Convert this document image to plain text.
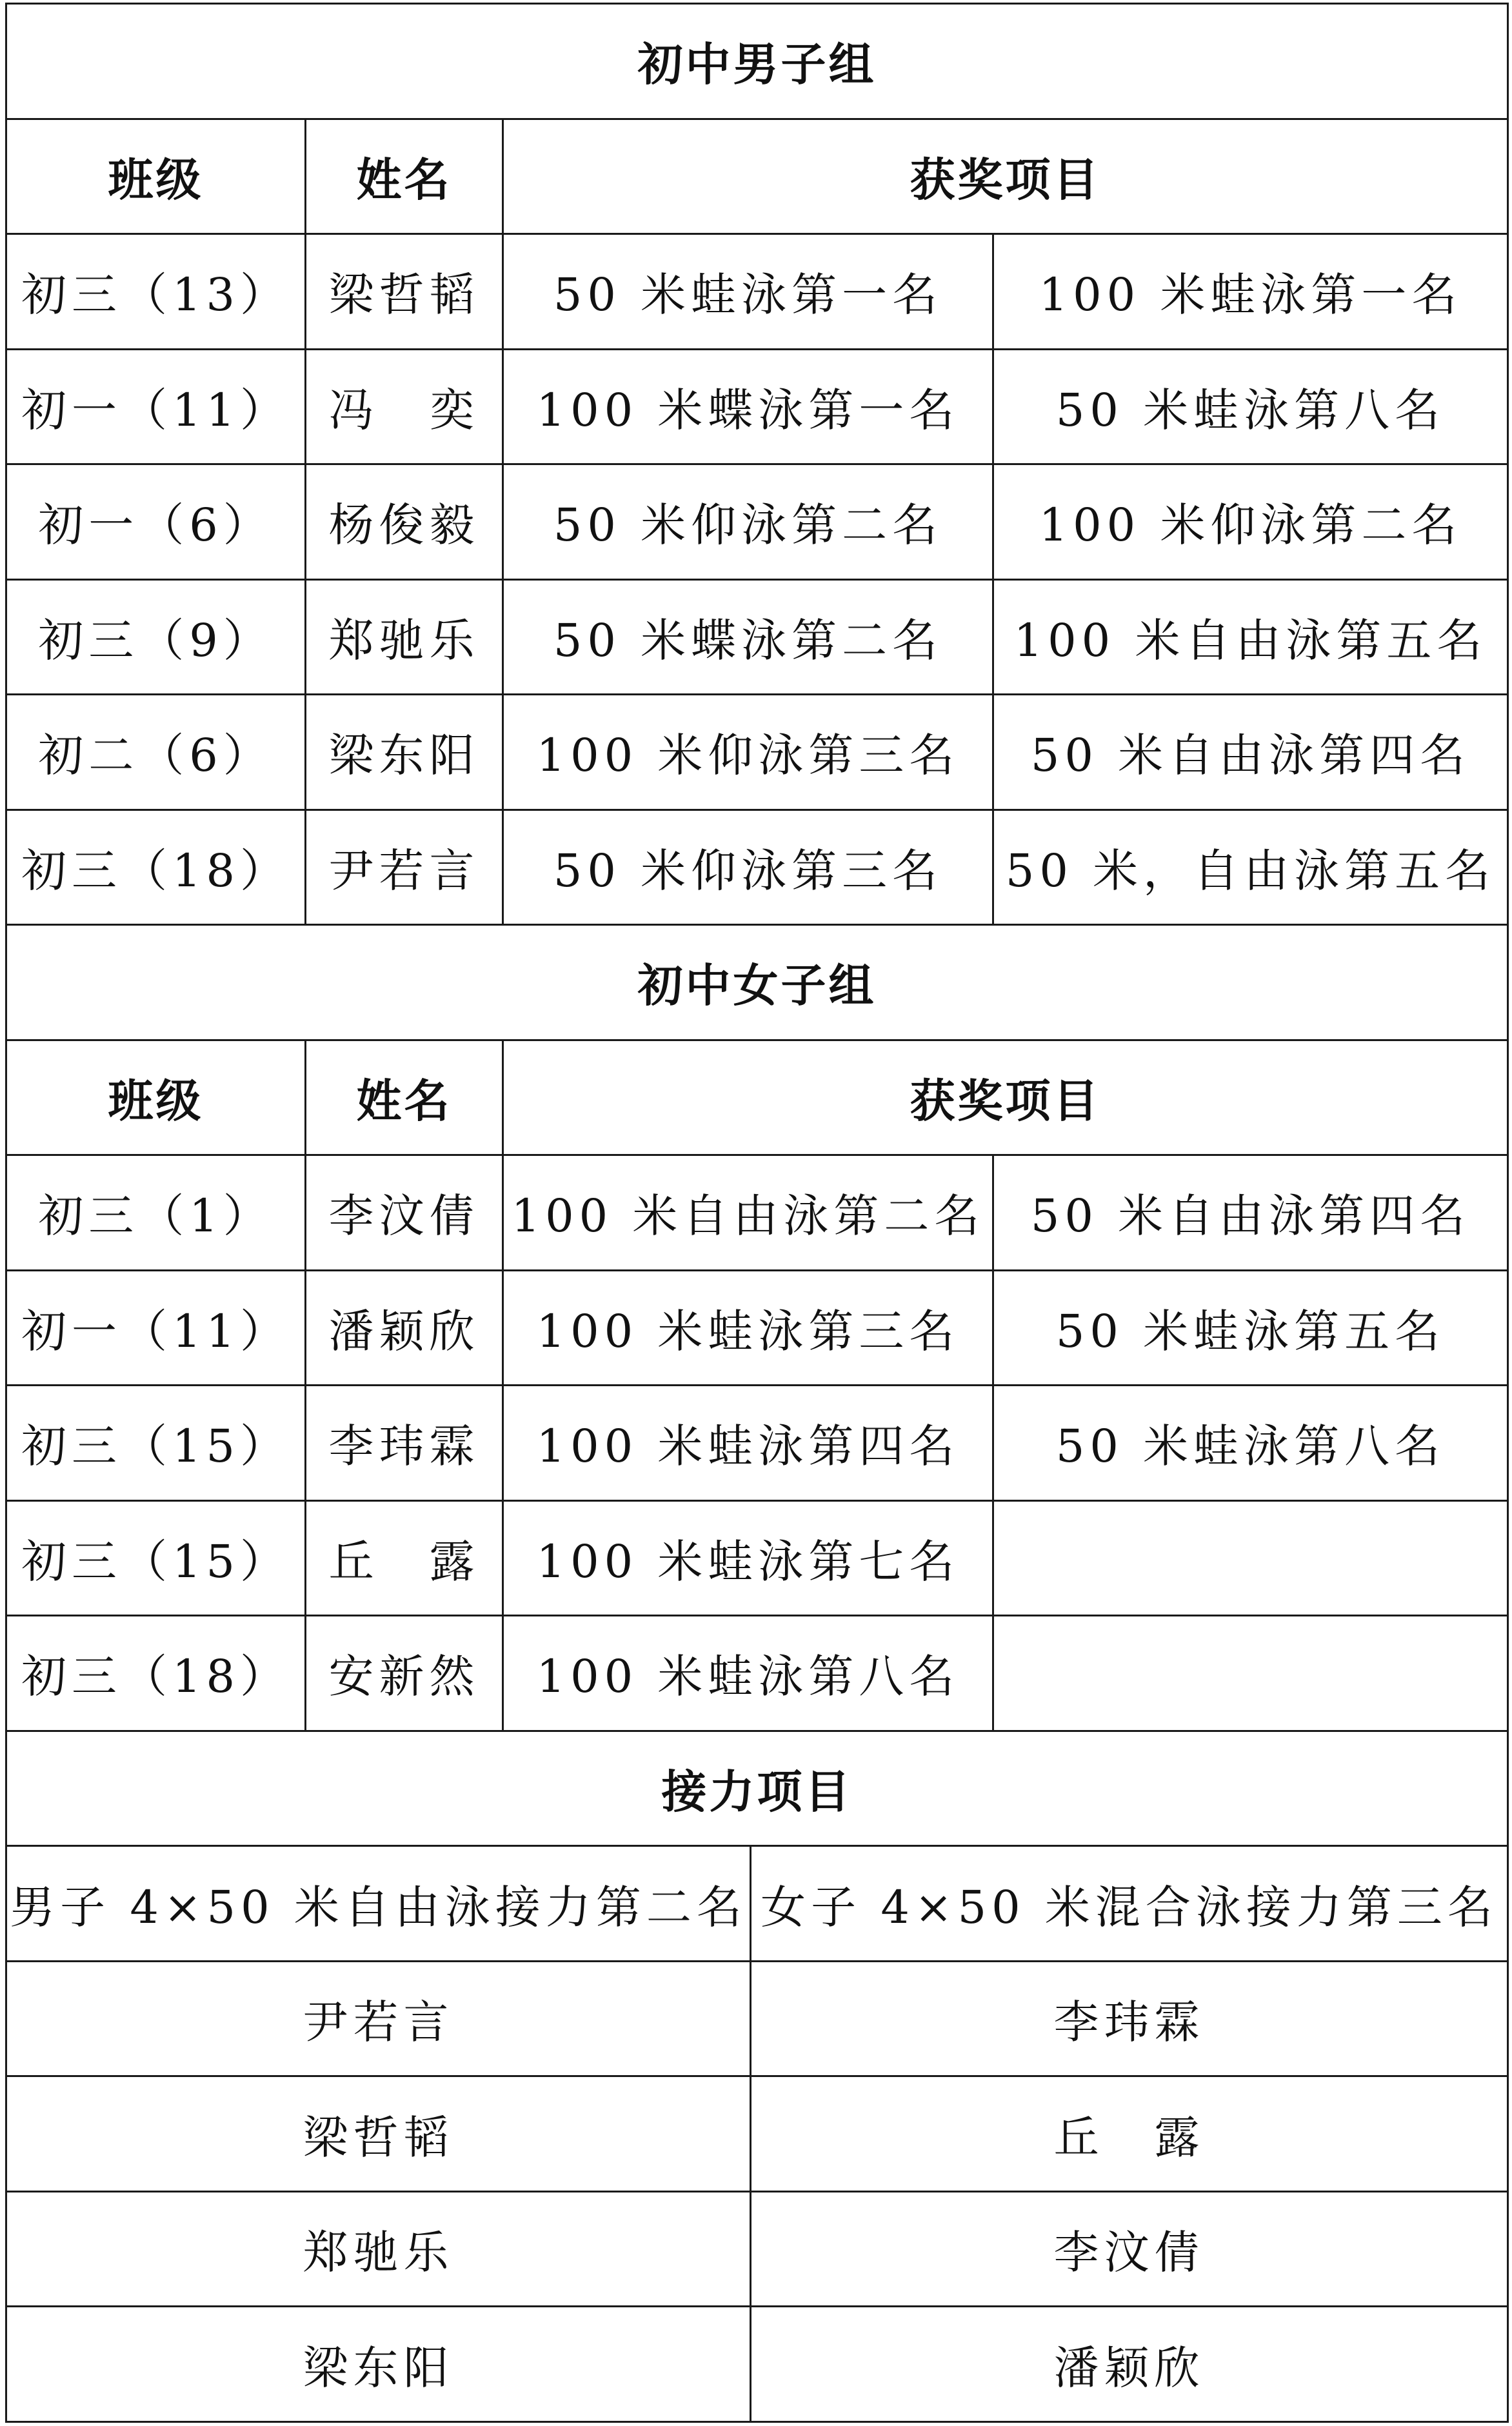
初中男子组				
班级	姓名	获奖项目		
初三（13）	梁哲韬	50 米蛙泳第一名		100 米蛙泳第一名
初一（11）	冯　奕	100 米蝶泳第一名		50 米蛙泳第八名
初一（6）	杨俊毅	50 米仰泳第二名		100 米仰泳第二名
初三（9）	郑驰乐	50 米蝶泳第二名		100 米自由泳第五名
初二（6）	梁东阳	100 米仰泳第三名		50 米自由泳第四名
初三（18）	尹若言	50 米仰泳第三名		50 米，自由泳第五名
初中女子组				
班级	姓名	获奖项目		
初三（1）	李汶倩	100 米自由泳第二名		50 米自由泳第四名
初一（11）	潘颖欣	100 米蛙泳第三名		50 米蛙泳第五名
初三（15）	李玮霖	100 米蛙泳第四名		50 米蛙泳第八名
初三（15）	丘　露	100 米蛙泳第七名		
初三（18）	安新然	100 米蛙泳第八名		
接力项目				
男子 4×50 米自由泳接力第二名			女子 4×50 米混合泳接力第三名	
尹若言			李玮霖	
梁哲韬			丘　露	
郑驰乐			李汶倩	
梁东阳			潘颖欣	
